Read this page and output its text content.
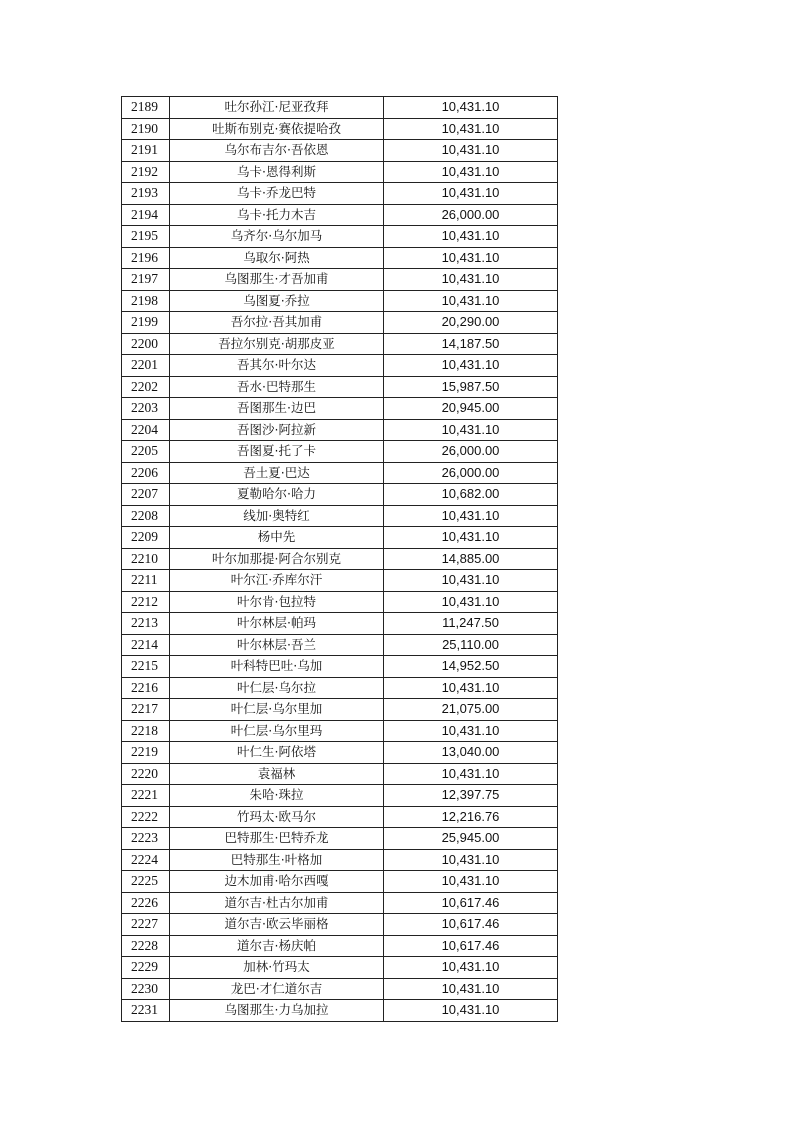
2189	吐尔孙江·尼亚孜拜	10,431.10
2190	吐斯布别克·赛依提哈孜	10,431.10
2191	乌尔布吉尔·吾依恩	10,431.10
2192	乌卡·恩得利斯	10,431.10
2193	乌卡·乔龙巴特	10,431.10
2194	乌卡·托力木吉	26,000.00
2195	乌齐尔·乌尔加马	10,431.10
2196	乌取尔·阿热	10,431.10
2197	乌图那生·才吾加甫	10,431.10
2198	乌图夏·乔拉	10,431.10
2199	吾尔拉·吾其加甫	20,290.00
2200	吾拉尔别克·胡那皮亚	14,187.50
2201	吾其尔·叶尔达	10,431.10
2202	吾水·巴特那生	15,987.50
2203	吾图那生·边巴	20,945.00
2204	吾图沙·阿拉新	10,431.10
2205	吾图夏·托了卡	26,000.00
2206	吾土夏·巴达	26,000.00
2207	夏勒哈尔·哈力	10,682.00
2208	线加·奥特红	10,431.10
2209	杨中先	10,431.10
2210	叶尔加那提·阿合尔别克	14,885.00
2211	叶尔江·乔库尔汗	10,431.10
2212	叶尔肯·包拉特	10,431.10
2213	叶尔林层·帕玛	11,247.50
2214	叶尔林层·吾兰	25,110.00
2215	叶科特巴吐·乌加	14,952.50
2216	叶仁层·乌尔拉	10,431.10
2217	叶仁层·乌尔里加	21,075.00
2218	叶仁层·乌尔里玛	10,431.10
2219	叶仁生·阿依塔	13,040.00
2220	袁福林	10,431.10
2221	朱哈·珠拉	12,397.75
2222	竹玛太·欧马尔	12,216.76
2223	巴特那生·巴特乔龙	25,945.00
2224	巴特那生·叶格加	10,431.10
2225	边木加甫·哈尔西嘎	10,431.10
2226	道尔吉·杜古尔加甫	10,617.46
2227	道尔吉·欧云毕丽格	10,617.46
2228	道尔吉·杨庆帕	10,617.46
2229	加林·竹玛太	10,431.10
2230	龙巴·才仁道尔吉	10,431.10
2231	乌图那生·力乌加拉	10,431.10
